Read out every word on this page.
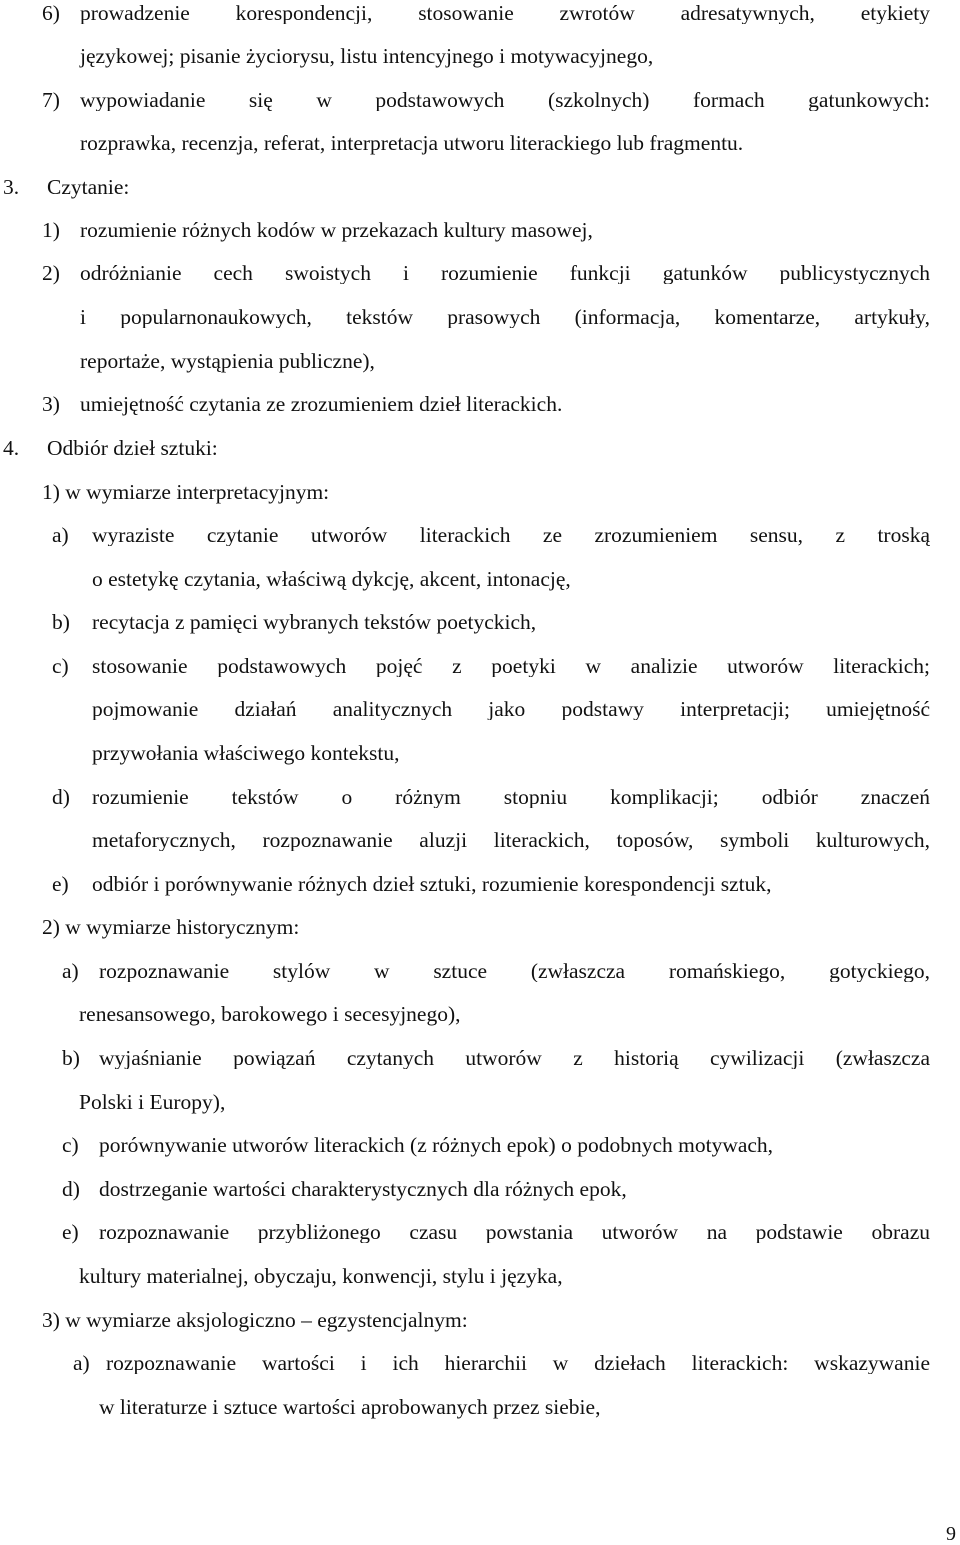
6) prowadzenie korespondencji, stosowanie zwrotów adresatywnych, etykiety
językowej; pisanie życiorysu, listu intencyjnego i motywacyjnego,
7) wypowiadanie się w podstawowych (szkolnych) formach gatunkowych:
rozprawka, recenzja, referat, interpretacja utworu literackiego lub fragmentu.
3. Czytanie:
1) rozumienie różnych kodów w przekazach kultury masowej,
2) odróżnianie cech swoistych i rozumienie funkcji gatunków publicystycznych
i popularnonaukowych, tekstów prasowych (informacja, komentarze, artykuły,
reportaże, wystąpienia publiczne),
3) umiejętność czytania ze zrozumieniem dzieł literackich.
4. Odbiór dzieł sztuki:
1) w wymiarze interpretacyjnym:
a) wyraziste czytanie utworów literackich ze zrozumieniem sensu, z troską
o estetykę czytania, właściwą dykcję, akcent, intonację,
b) recytacja z pamięci wybranych tekstów poetyckich,
c) stosowanie podstawowych pojęć z poetyki w analizie utworów literackich;
pojmowanie działań analitycznych jako podstawy interpretacji; umiejętność
przywołania właściwego kontekstu,
d) rozumienie tekstów o różnym stopniu komplikacji; odbiór znaczeń
metaforycznych, rozpoznawanie aluzji literackich, toposów, symboli kulturowych,
e) odbiór i porównywanie różnych dzieł sztuki, rozumienie korespondencji sztuk,
2) w wymiarze historycznym:
a) rozpoznawanie stylów w sztuce (zwłaszcza romańskiego, gotyckiego,
renesansowego, barokowego i secesyjnego),
b) wyjaśnianie powiązań czytanych utworów z historią cywilizacji (zwłaszcza
Polski i Europy),
c) porównywanie utworów literackich (z różnych epok) o podobnych motywach,
d) dostrzeganie wartości charakterystycznych dla różnych epok,
e) rozpoznawanie przybliżonego czasu powstania utworów na podstawie obrazu
kultury materialnej, obyczaju, konwencji, stylu i języka,
3) w wymiarze aksjologiczno – egzystencjalnym:
a) rozpoznawanie wartości i ich hierarchii w dziełach literackich: wskazywanie
w literaturze i sztuce wartości aprobowanych przez siebie,
9
